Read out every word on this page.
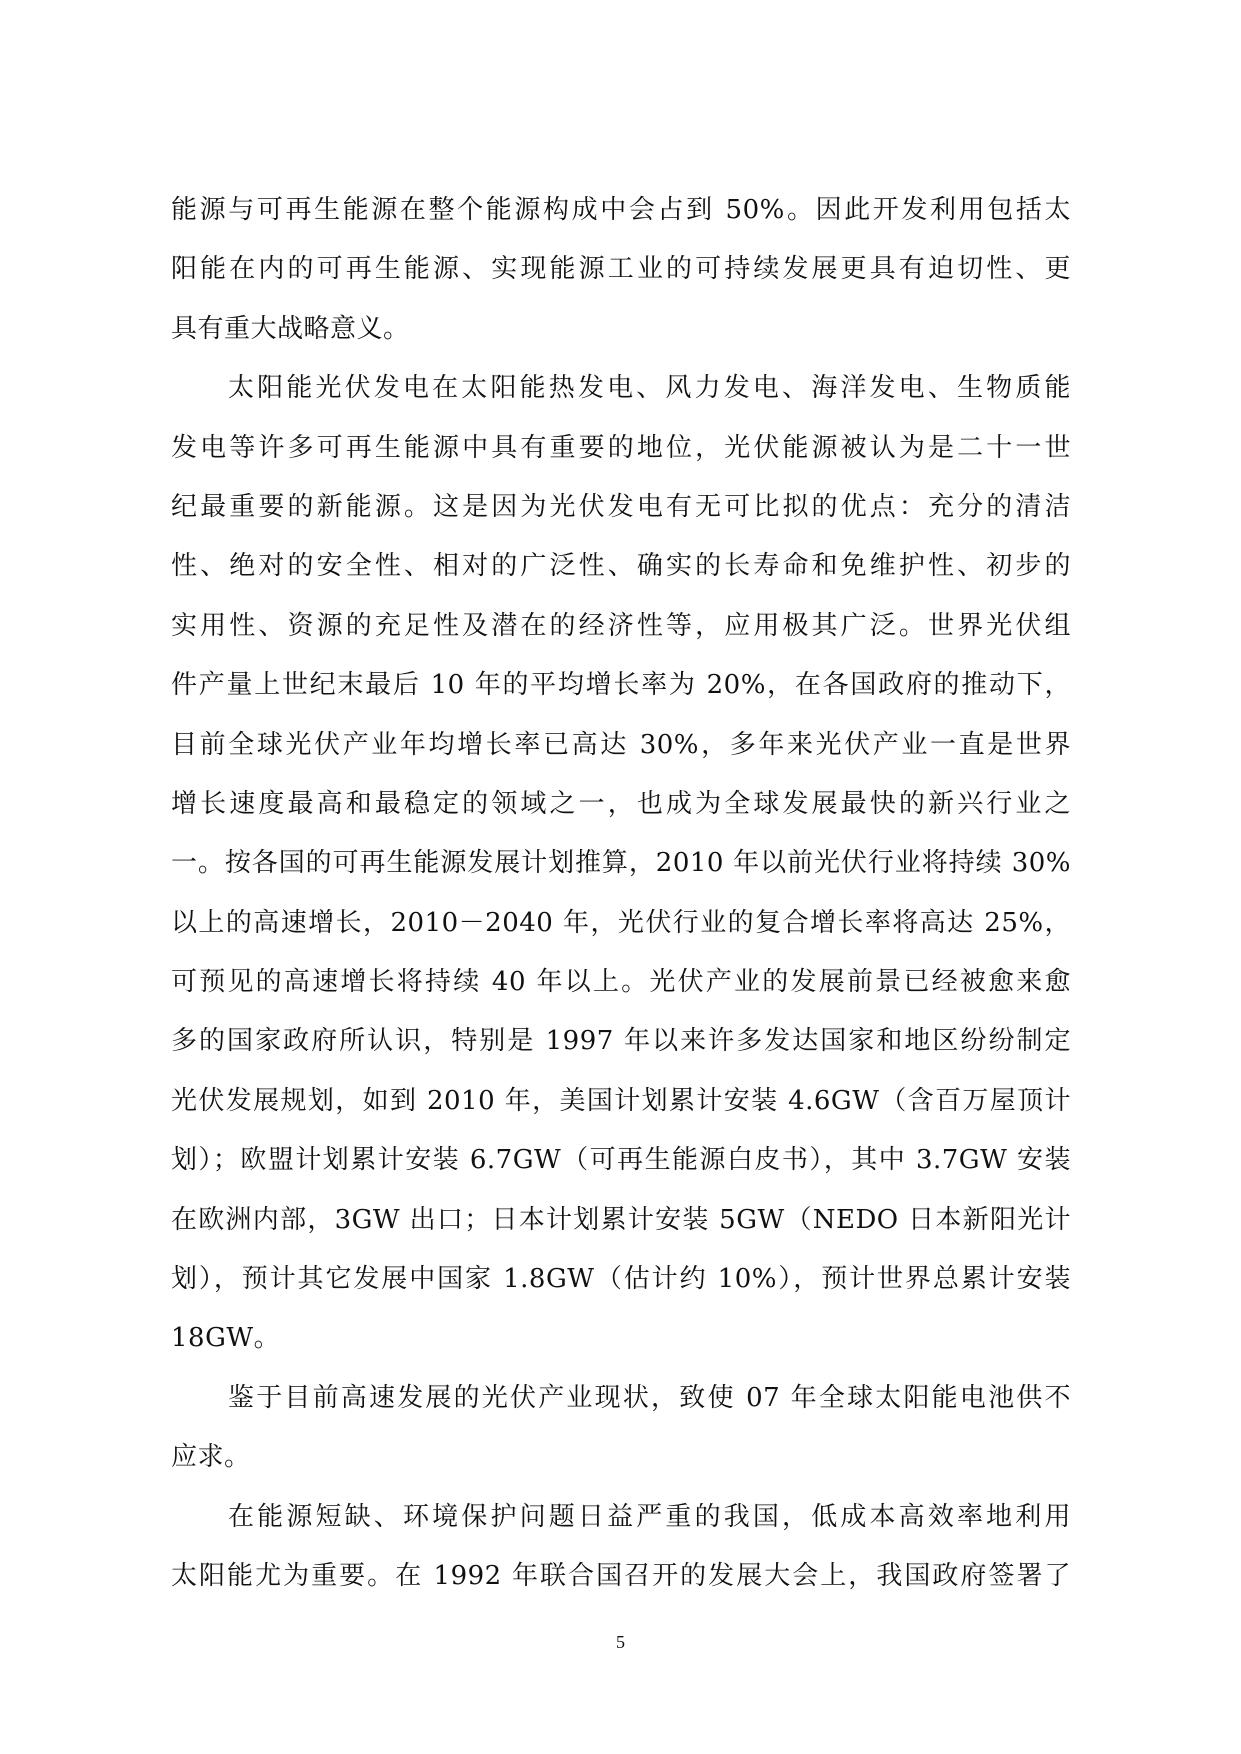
能源与可再生能源在整个能源构成中会占到 50%。因此开发利用包括太
阳能在内的可再生能源、实现能源工业的可持续发展更具有迫切性、更
具有重大战略意义。
太阳能光伏发电在太阳能热发电、风力发电、海洋发电、生物质能
发电等许多可再生能源中具有重要的地位，光伏能源被认为是二十一世
纪最重要的新能源。这是因为光伏发电有无可比拟的优点：充分的清洁
性、绝对的安全性、相对的广泛性、确实的长寿命和免维护性、初步的
实用性、资源的充足性及潜在的经济性等，应用极其广泛。世界光伏组
件产量上世纪末最后 10 年的平均增长率为 20%，在各国政府的推动下，
目前全球光伏产业年均增长率已高达 30%，多年来光伏产业一直是世界
增长速度最高和最稳定的领域之一，也成为全球发展最快的新兴行业之
一。按各国的可再生能源发展计划推算，2010 年以前光伏行业将持续 30%
以上的高速增长，2010－2040 年，光伏行业的复合增长率将高达 25%，
可预见的高速增长将持续 40 年以上。光伏产业的发展前景已经被愈来愈
多的国家政府所认识，特别是 1997 年以来许多发达国家和地区纷纷制定
光伏发展规划，如到 2010 年，美国计划累计安装 4.6GW（含百万屋顶计
划）；欧盟计划累计安装 6.7GW（可再生能源白皮书），其中 3.7GW 安装
在欧洲内部，3GW 出口；日本计划累计安装 5GW（NEDO 日本新阳光计
划），预计其它发展中国家 1.8GW（估计约 10%），预计世界总累计安装
18GW。
鉴于目前高速发展的光伏产业现状，致使 07 年全球太阳能电池供不
应求。
在能源短缺、环境保护问题日益严重的我国，低成本高效率地利用
太阳能尤为重要。在 1992 年联合国召开的发展大会上，我国政府签署了
5
